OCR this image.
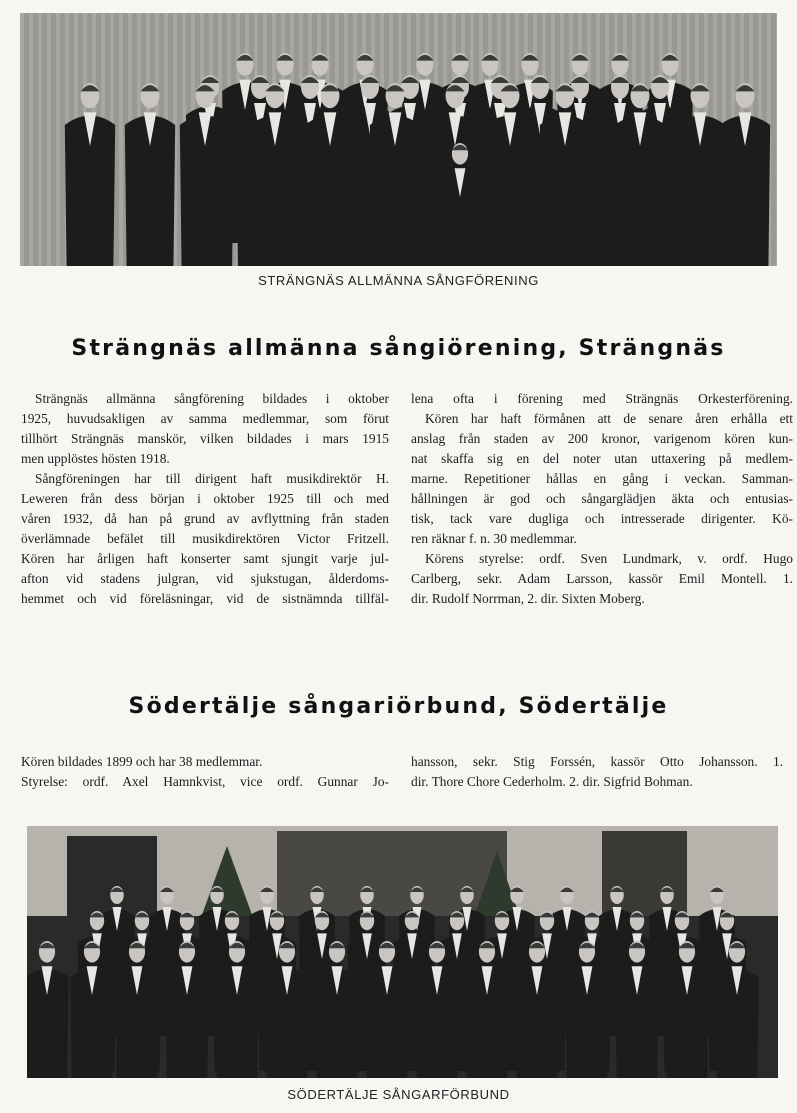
STRÄNGNÄS ALLMÄNNA SÅNGFÖRENING
Strängnäs allmänna sångiörening, Strängnäs
Strängnäs allmänna sångförening bildades i oktober
1925, huvudsakligen av samma medlemmar, som förut
tillhört Strängnäs manskör, vilken bildades i mars 1915
men upplöstes hösten 1918.
Sångföreningen har till dirigent haft musikdirektör H.
Leweren från dess början i oktober 1925 till och med
våren 1932, då han på grund av avflyttning från staden
överlämnade befälet till musikdirektören Victor Fritzell.
Kören har årligen haft konserter samt sjungit varje jul-
afton vid stadens julgran, vid sjukstugan, ålderdoms-
hemmet och vid föreläsningar, vid de sistnämnda tillfäl-
lena ofta i förening med Strängnäs Orkesterförening.
Kören har haft förmånen att de senare åren erhålla ett
anslag från staden av 200 kronor, varigenom kören kun-
nat skaffa sig en del noter utan uttaxering på medlem-
marne. Repetitioner hållas en gång i veckan. Samman-
hållningen är god och sångarglädjen äkta och entusias-
tisk, tack vare dugliga och intresserade dirigenter. Kö-
ren räknar f. n. 30 medlemmar.
Körens styrelse: ordf. Sven Lundmark, v. ordf. Hugo
Carlberg, sekr. Adam Larsson, kassör Emil Montell. 1.
dir. Rudolf Norrman, 2. dir. Sixten Moberg.
Södertälje sångariörbund, Södertälje
Kören bildades 1899 och har 38 medlemmar.
Styrelse: ordf. Axel Hamnkvist, vice ordf. Gunnar Jo-
hansson, sekr. Stig Forssén, kassör Otto Johansson. 1.
dir. Thore Chore Cederholm. 2. dir. Sigfrid Bohman.
SÖDERTÄLJE SÅNGARFÖRBUND
